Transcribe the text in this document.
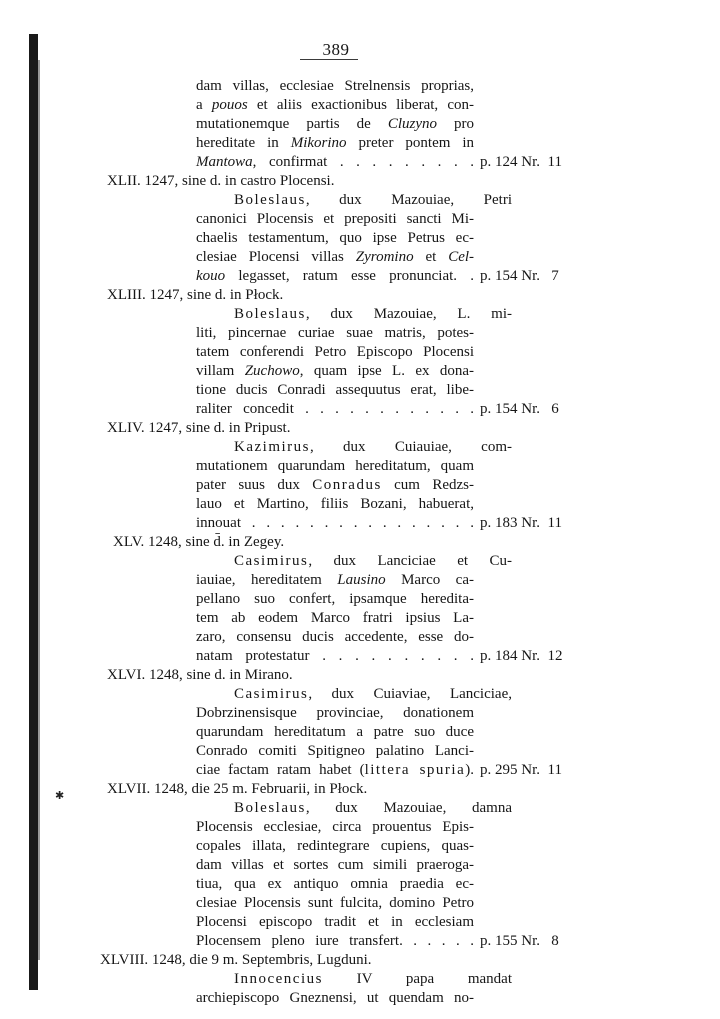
389
✱
dam villas, ecclesiae Strelnensis proprias,
a pouos et aliis exactionibus liberat, con-
mutationemque partis de Cluzyno pro
hereditate in Mikorino preter pontem in
Mantowa, confirmat . . . . . . . . .
XLII. 1247, sine d. in castro Plocensi.
Boleslaus, dux Mazouiae, Petri
canonici Plocensis et prepositi sancti Mi-
chaelis testamentum, quo ipse Petrus ec-
clesiae Plocensi villas Zyromino et Cel-
kouo legasset, ratum esse pronunciat. .
XLIII. 1247, sine d. in Płock.
Boleslaus, dux Mazouiae, L. mi-
liti, pincernae curiae suae matris, potes-
tatem conferendi Petro Episcopo Plocensi
villam Zuchowo, quam ipse L. ex dona-
tione ducis Conradi assequutus erat, libe-
raliter concedit . . . . . . . . . . . .
XLIV. 1247, sine d. in Pripust.
Kazimirus, dux Cuiauiae, com-
mutationem quarundam hereditatum, quam
pater suus dux Conradus cum Redzs-
lauo et Martino, filiis Bozani, habuerat,
innouat . . . . . . . . . . . . . . . .
XLV. 1248, sine d̄. in Zegey.
Casimirus, dux Lanciciae et Cu-
iauiae, hereditatem Lausino Marco ca-
pellano suo confert, ipsamque heredita-
tem ab eodem Marco fratri ipsius La-
zaro, consensu ducis accedente, esse do-
natam protestatur . . . . . . . . . .
XLVI. 1248, sine d. in Mirano.
Casimirus, dux Cuiaviae, Lanciciae,
Dobrzinensisque provinciae, donationem
quarundam hereditatum a patre suo duce
Conrado comiti Spitigneo palatino Lanci-
ciae factam ratam habet (littera spuria).
XLVII. 1248, die 25 m. Februarii, in Płock.
Boleslaus, dux Mazouiae, damna
Plocensis ecclesiae, circa prouentus Epis-
copales illata, redintegrare cupiens, quas-
dam villas et sortes cum simili praeroga-
tiua, qua ex antiquo omnia praedia ec-
clesiae Plocensis sunt fulcita, domino Petro
Plocensi episcopo tradit et in ecclesiam
Plocensem pleno iure transfert. . . . . .
XLVIII. 1248, die 9 m. Septembris, Lugduni.
Innocencius IV papa mandat
archiepiscopo Gneznensi, ut quendam no-
p. 124 Nr.  11
p. 154 Nr.   7
p. 154 Nr.   6
p. 183 Nr.  11
p. 184 Nr.  12
p. 295 Nr.  11
p. 155 Nr.   8
